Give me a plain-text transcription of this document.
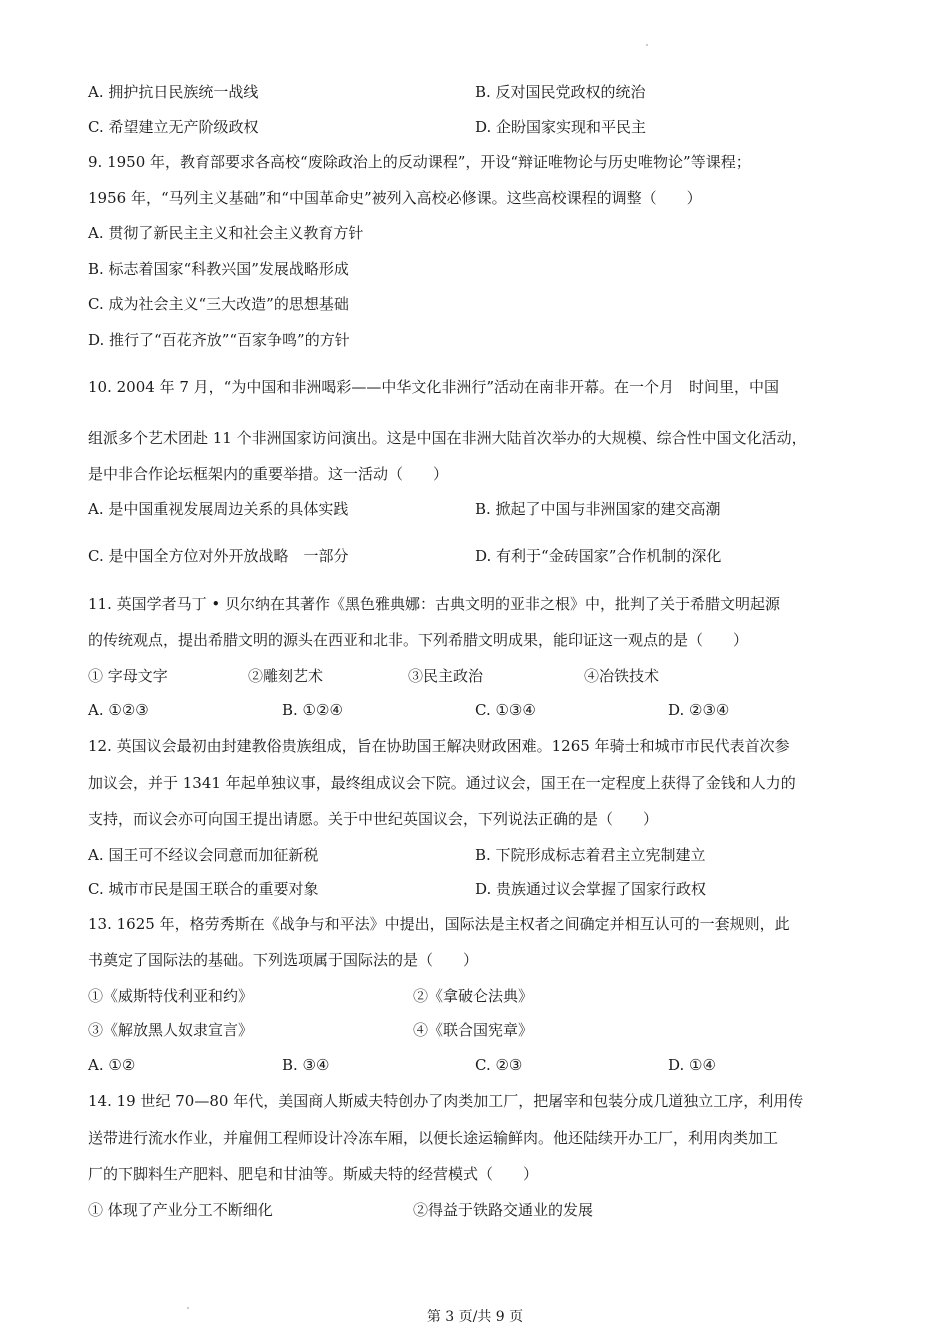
A. 拥护抗日民族统一战线	B. 反对国民党政权的统治
C. 希望建立无产阶级政权	D. 企盼国家实现和平民主
9. 1950 年，教育部要求各高校“废除政治上的反动课程”，开设“辩证唯物论与历史唯物论”等课程；
1956 年，“马列主义基础”和“中国革命史”被列入高校必修课。这些高校课程的调整（　　）
A. 贯彻了新民主主义和社会主义教育方针
B. 标志着国家“科教兴国”发展战略形成
C. 成为社会主义“三大改造”的思想基础
D. 推行了“百花齐放”“百家争鸣”的方针
10. 2004 年 7 月，“为中国和非洲喝彩——中华文化非洲行”活动在南非开幕。在一个月　时间里，中国
组派多个艺术团赴 11 个非洲国家访问演出。这是中国在非洲大陆首次举办的大规模、综合性中国文化活动，
是中非合作论坛框架内的重要举措。这一活动（　　）
A. 是中国重视发展周边关系的具体实践	B. 掀起了中国与非洲国家的建交高潮
C. 是中国全方位对外开放战略　一部分	D. 有利于“金砖国家”合作机制的深化
11. 英国学者马丁 • 贝尔纳在其著作《黑色雅典娜：古典文明的亚非之根》中，批判了关于希腊文明起源
的传统观点，提出希腊文明的源头在西亚和北非。下列希腊文明成果，能印证这一观点的是（　　）
① 字母文字	②雕刻艺术	③民主政治	④冶铁技术
A. ①②③	B. ①②④	C. ①③④	D. ②③④
12. 英国议会最初由封建教俗贵族组成，旨在协助国王解决财政困难。1265 年骑士和城市市民代表首次参
加议会，并于 1341 年起单独议事，最终组成议会下院。通过议会，国王在一定程度上获得了金钱和人力的
支持，而议会亦可向国王提出请愿。关于中世纪英国议会，下列说法正确的是（　　）
A. 国王可不经议会同意而加征新税	B. 下院形成标志着君主立宪制建立
C. 城市市民是国王联合的重要对象	D. 贵族通过议会掌握了国家行政权
13. 1625 年，格劳秀斯在《战争与和平法》中提出，国际法是主权者之间确定并相互认可的一套规则，此
书奠定了国际法的基础。下列选项属于国际法的是（　　）
①《威斯特伐利亚和约》	②《拿破仑法典》
③《解放黑人奴隶宣言》	④《联合国宪章》
A. ①②	B. ③④	C. ②③	D. ①④
14. 19 世纪 70—80 年代，美国商人斯威夫特创办了肉类加工厂，把屠宰和包装分成几道独立工序，利用传
送带进行流水作业，并雇佣工程师设计冷冻车厢，以便长途运输鲜肉。他还陆续开办工厂，利用肉类加工
厂的下脚料生产肥料、肥皂和甘油等。斯威夫特的经营模式（　　）
① 体现了产业分工不断细化	②得益于铁路交通业的发展
第 3 页/共 9 页
